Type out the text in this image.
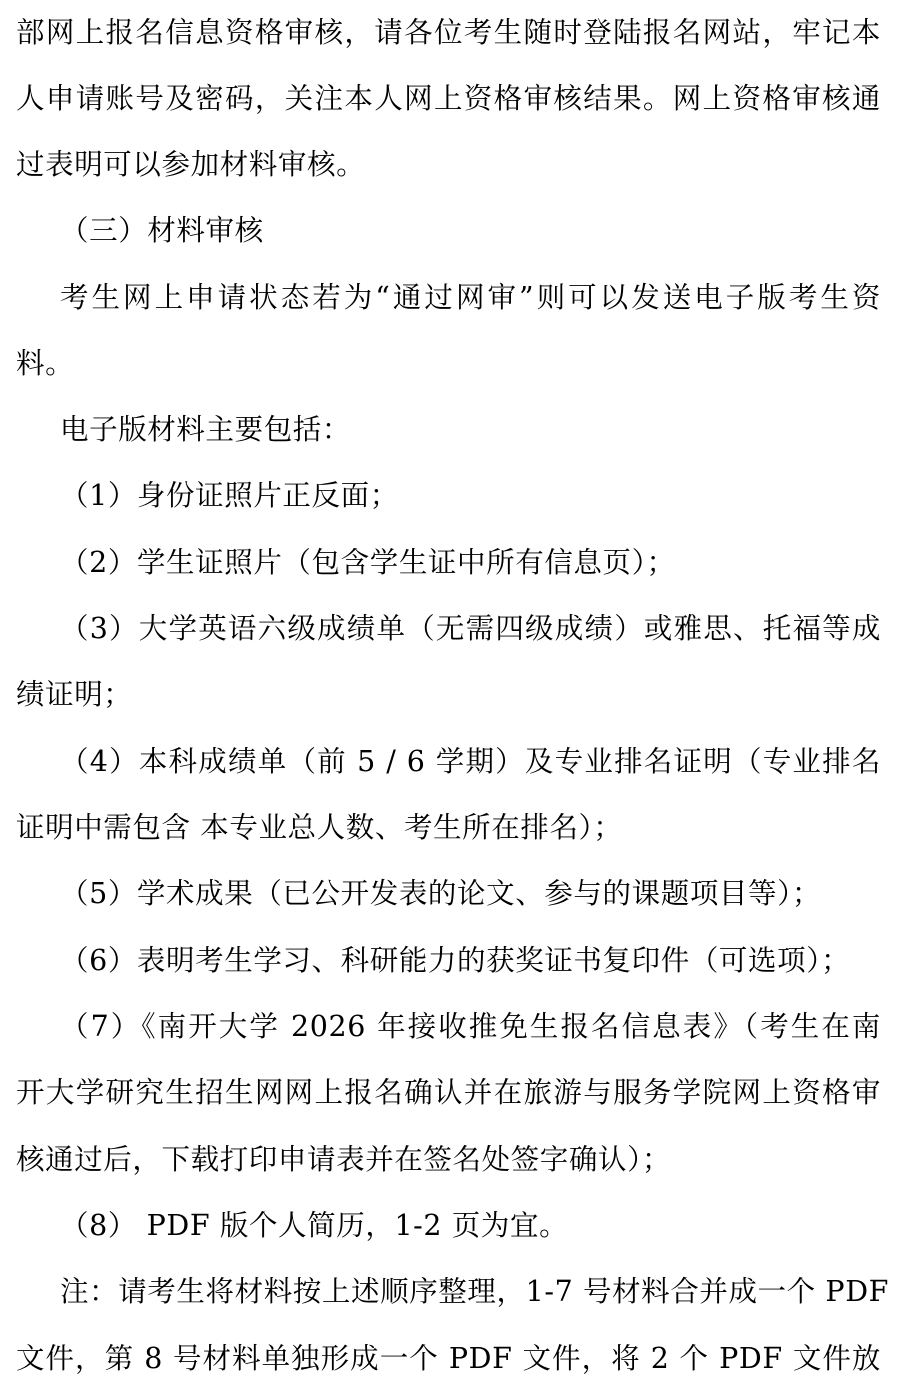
部网上报名信息资格审核，请各位考生随时登陆报名网站，牢记本
人申请账号及密码，关注本人网上资格审核结果。网上资格审核通
过表明可以参加材料审核。
（三）材料审核
考生网上申请状态若为“通过网审”则可以发送电子版考生资
料。
电子版材料主要包括：
（1）身份证照片正反面；
（2）学生证照片（包含学生证中所有信息页）；
（3）大学英语六级成绩单（无需四级成绩）或雅思、托福等成
绩证明；
（4）本科成绩单（前 5 / 6 学期）及专业排名证明（专业排名
证明中需包含 本专业总人数、考生所在排名）；
（5）学术成果（已公开发表的论文、参与的课题项目等）；
（6）表明考生学习、科研能力的获奖证书复印件（可选项）；
（7）《南开大学 2026 年接收推免生报名信息表》（考生在南
开大学研究生招生网网上报名确认并在旅游与服务学院网上资格审
核通过后，下载打印申请表并在签名处签字确认）；
（8） PDF 版个人简历，1-2 页为宜。
注：请考生将材料按上述顺序整理，1-7 号材料合并成一个 PDF
文件，第 8 号材料单独形成一个 PDF 文件，将 2 个 PDF 文件放
